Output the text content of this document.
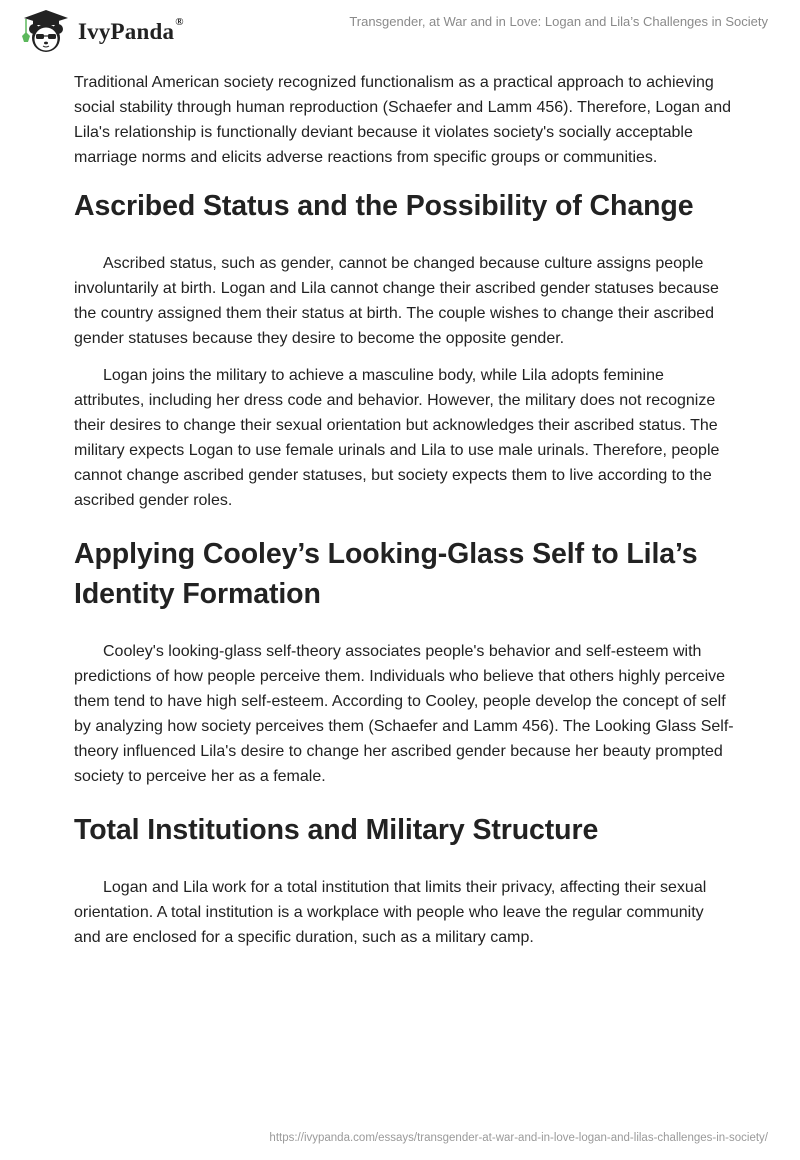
IvyPanda ®	Transgender, at War and in Love: Logan and Lila’s Challenges in Society

Traditional American society recognized functionalism as a practical approach to achieving social stability through human reproduction (Schaefer and Lamm 456). Therefore, Logan and Lila's relationship is functionally deviant because it violates society's socially acceptable marriage norms and elicits adverse reactions from specific groups or communities.

Ascribed Status and the Possibility of Change

Ascribed status, such as gender, cannot be changed because culture assigns people involuntarily at birth. Logan and Lila cannot change their ascribed gender statuses because the country assigned them their status at birth. The couple wishes to change their ascribed gender statuses because they desire to become the opposite gender.

Logan joins the military to achieve a masculine body, while Lila adopts feminine attributes, including her dress code and behavior. However, the military does not recognize their desires to change their sexual orientation but acknowledges their ascribed status. The military expects Logan to use female urinals and Lila to use male urinals. Therefore, people cannot change ascribed gender statuses, but society expects them to live according to the ascribed gender roles.

Applying Cooley’s Looking-Glass Self to Lila’s Identity Formation

Cooley's looking-glass self-theory associates people's behavior and self-esteem with predictions of how people perceive them. Individuals who believe that others highly perceive them tend to have high self-esteem. According to Cooley, people develop the concept of self by analyzing how society perceives them (Schaefer and Lamm 456). The Looking Glass Self-theory influenced Lila's desire to change her ascribed gender because her beauty prompted society to perceive her as a female.

Total Institutions and Military Structure

Logan and Lila work for a total institution that limits their privacy, affecting their sexual orientation. A total institution is a workplace with people who leave the regular community and are enclosed for a specific duration, such as a military camp.

https://ivypanda.com/essays/transgender-at-war-and-in-love-logan-and-lilas-challenges-in-society/
